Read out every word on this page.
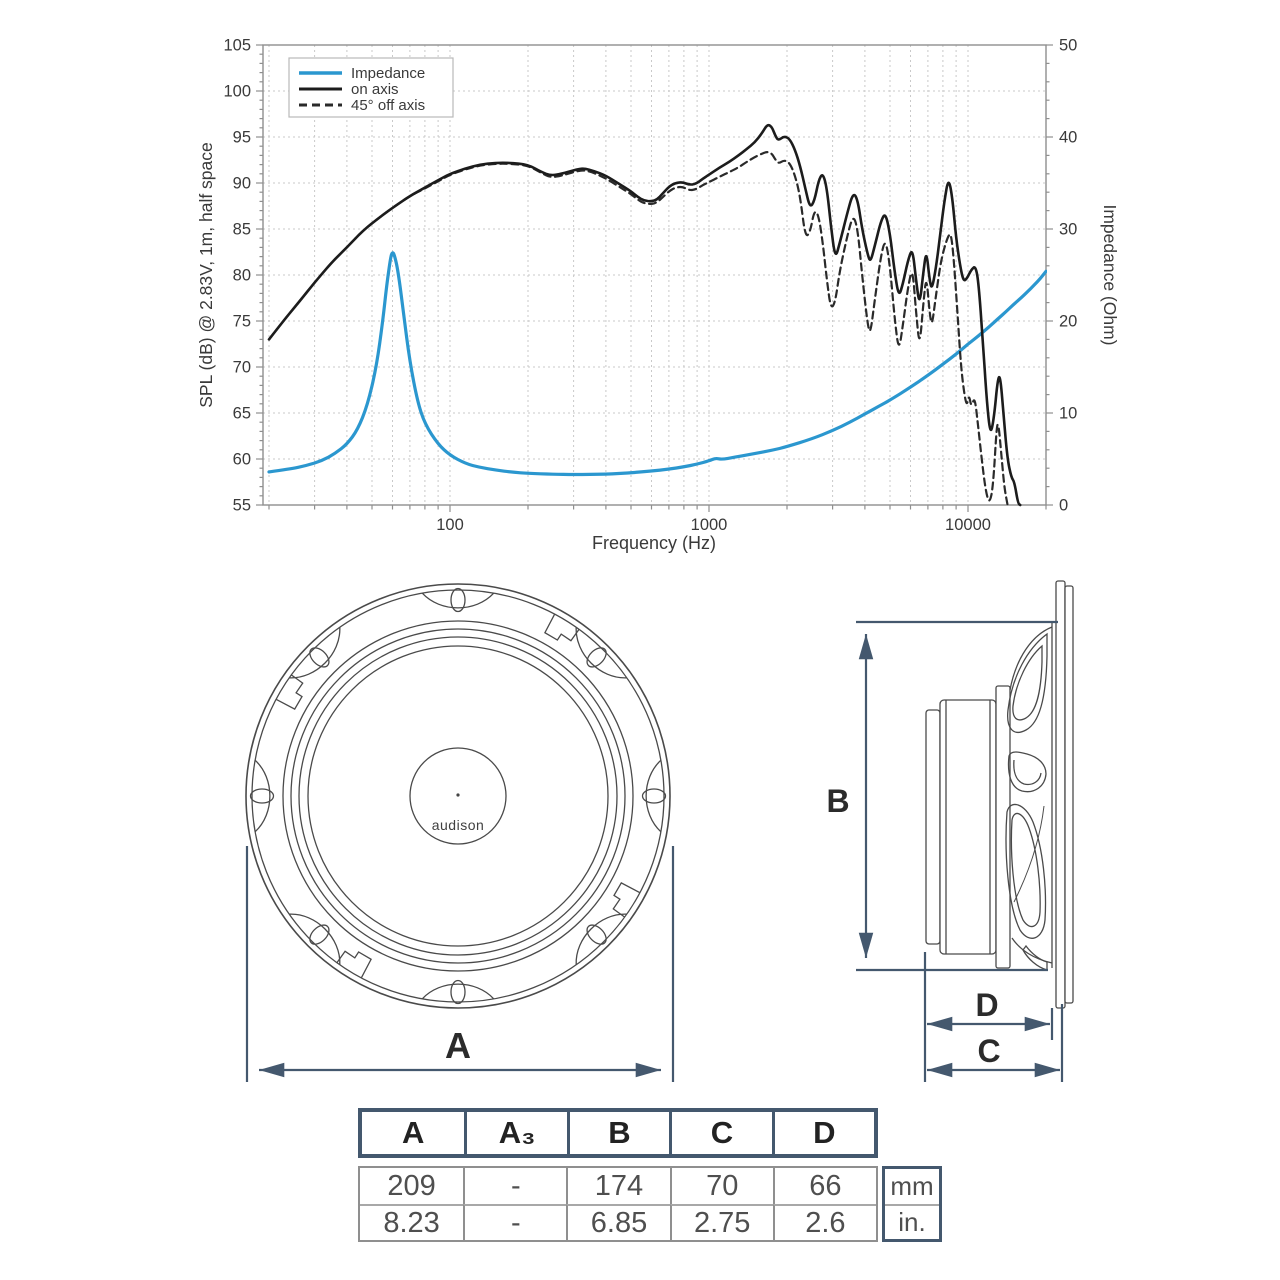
100	1000	10000
55
60
65
70
75
80
85
90
95
100
105
0
10
20
30
40
50
SPL (dB) @ 2.83V, 1m, half space	Impedance (Ohm)
Frequency (Hz)
Impedance
on axis
45° off axis
audison
A
B
D
C
A	A₃	B	C	D
209	-	174	70	66
8.23	-	6.85	2.75	2.6
mm
in.
